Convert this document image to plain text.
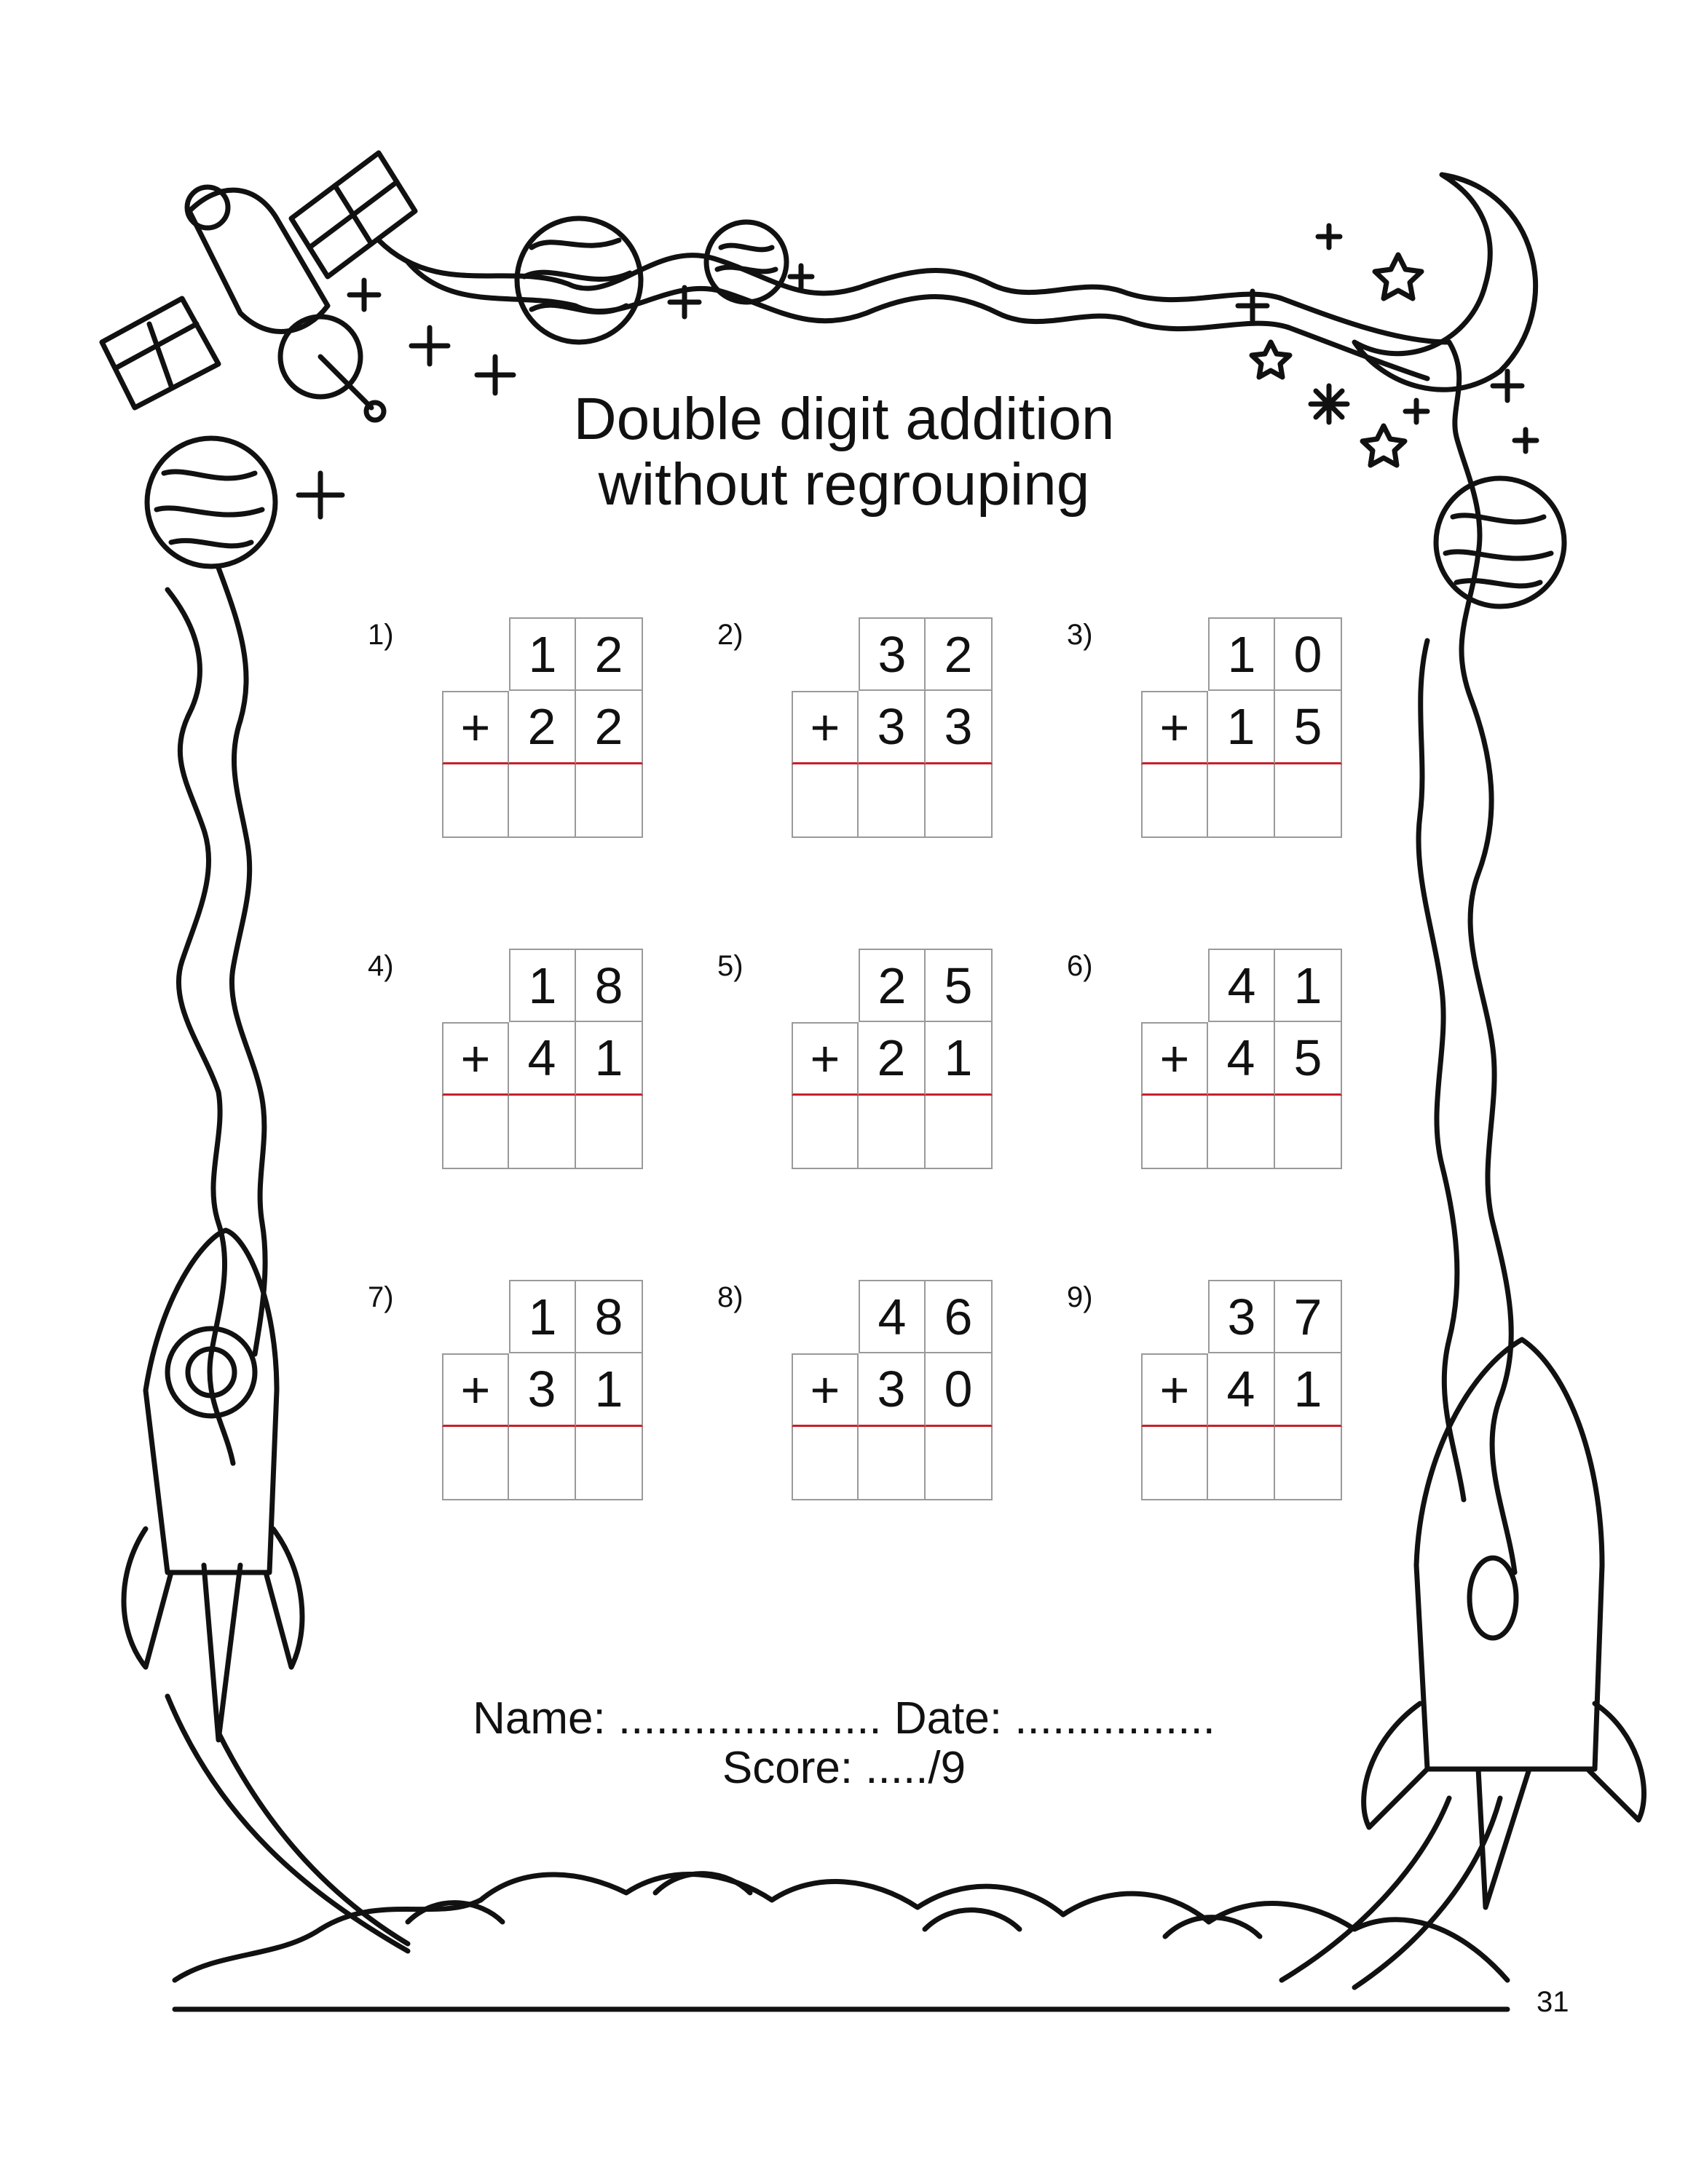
Double digit addition
without regrouping
1)	1 2
+ 2 2
2)	3 2
+ 3 3
3)	1 0
+ 1 5
4)	1 8
+ 4 1
5)	2 5
+ 2 1
6)	4 1
+ 4 5
7)	1 8
+ 3 1
8)	4 6
+ 3 0
9)	3 7
+ 4 1
Name: ..................... Date: ................
Score: ...../9
31
